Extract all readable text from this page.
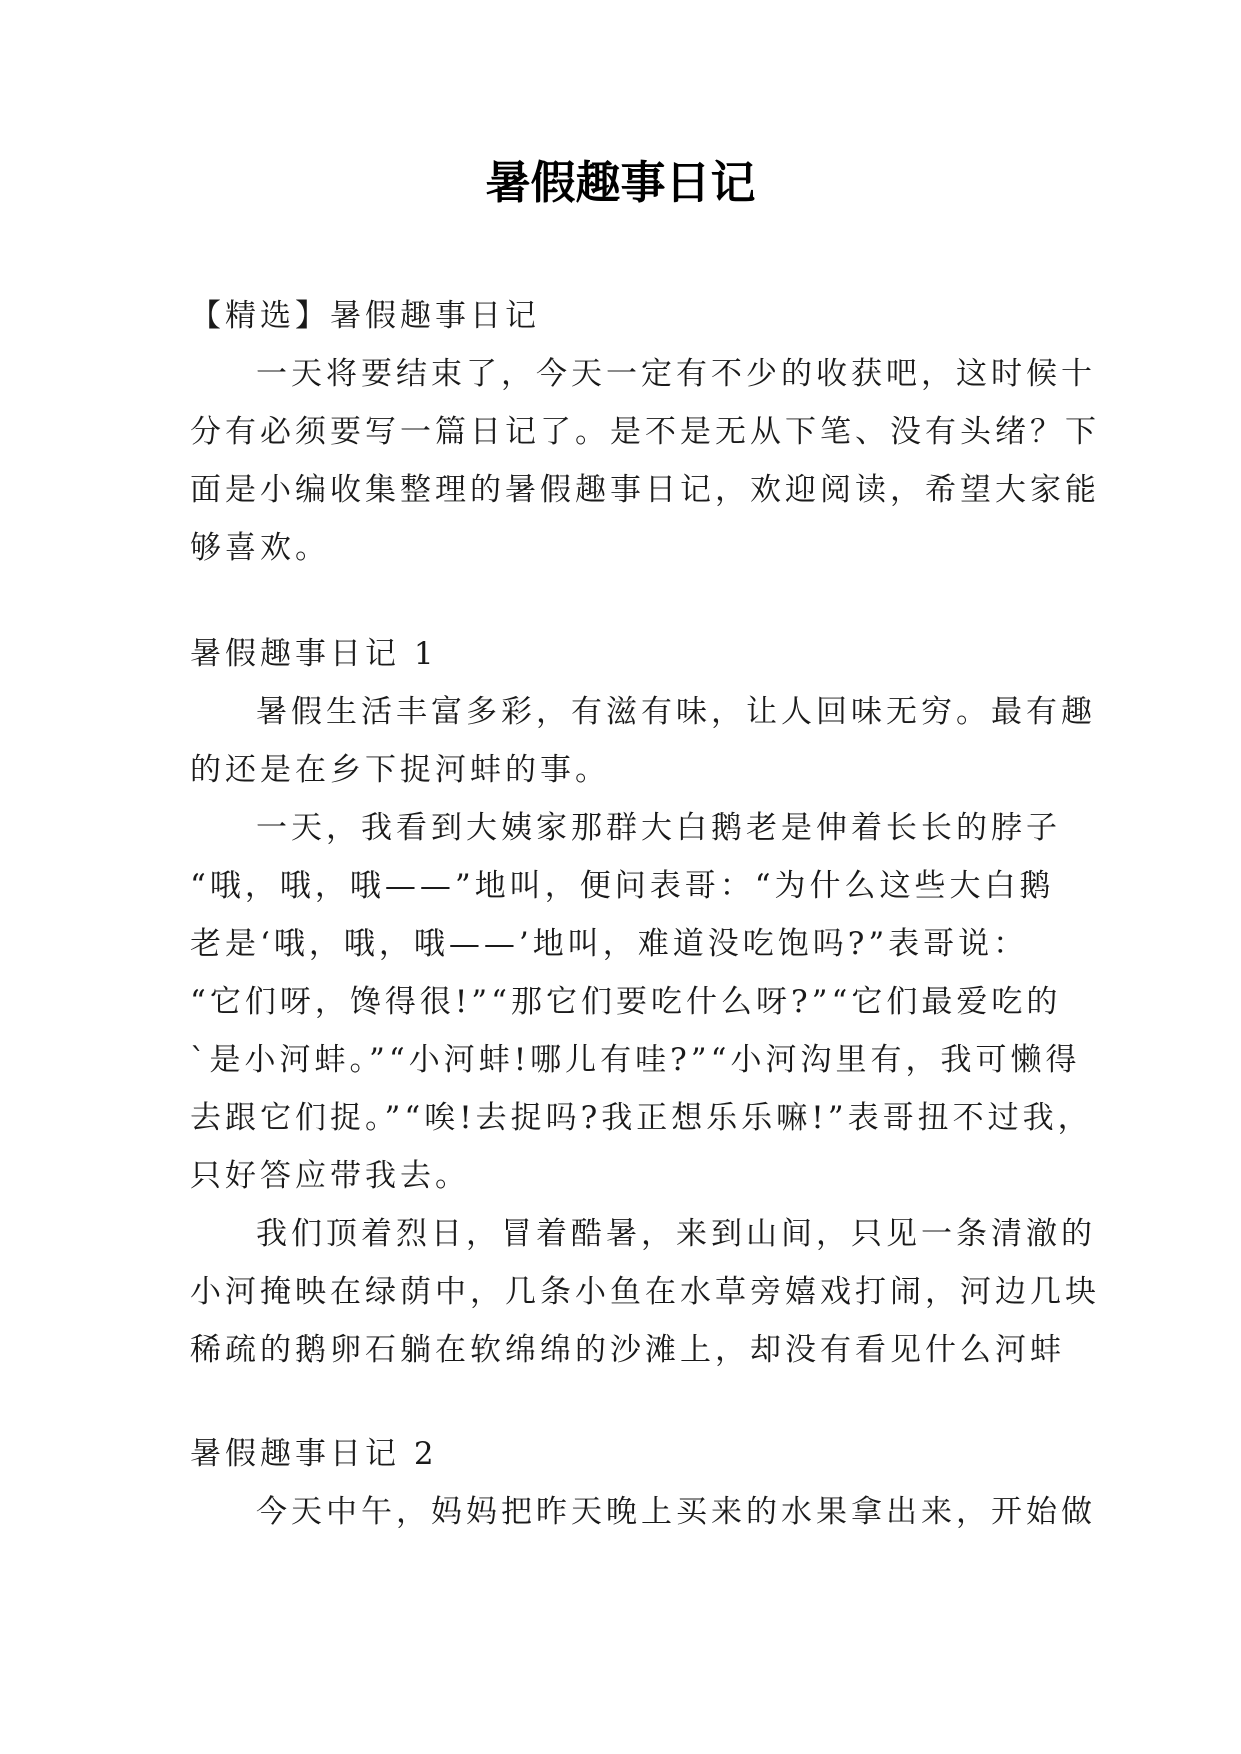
暑假趣事日记

【精选】暑假趣事日记

一天将要结束了，今天一定有不少的收获吧，这时候十

分有必须要写一篇日记了。是不是无从下笔、没有头绪？下

面是小编收集整理的暑假趣事日记，欢迎阅读，希望大家能

够喜欢。

暑假趣事日记 1

暑假生活丰富多彩，有滋有味，让人回味无穷。最有趣

的还是在乡下捉河蚌的事。

一天，我看到大姨家那群大白鹅老是伸着长长的脖子

“哦，哦，哦——”地叫，便问表哥：“为什么这些大白鹅

老是‘哦，哦，哦——’地叫，难道没吃饱吗?”表哥说：

“它们呀，馋得很!”“那它们要吃什么呀?”“它们最爱吃的

`是小河蚌。”“小河蚌!哪儿有哇?”“小河沟里有，我可懒得

去跟它们捉。”“唉!去捉吗?我正想乐乐嘛!”表哥扭不过我，

只好答应带我去。

我们顶着烈日，冒着酷暑，来到山间，只见一条清澈的

小河掩映在绿荫中，几条小鱼在水草旁嬉戏打闹，河边几块

稀疏的鹅卵石躺在软绵绵的沙滩上，却没有看见什么河蚌

暑假趣事日记 2

今天中午，妈妈把昨天晚上买来的水果拿出来，开始做
